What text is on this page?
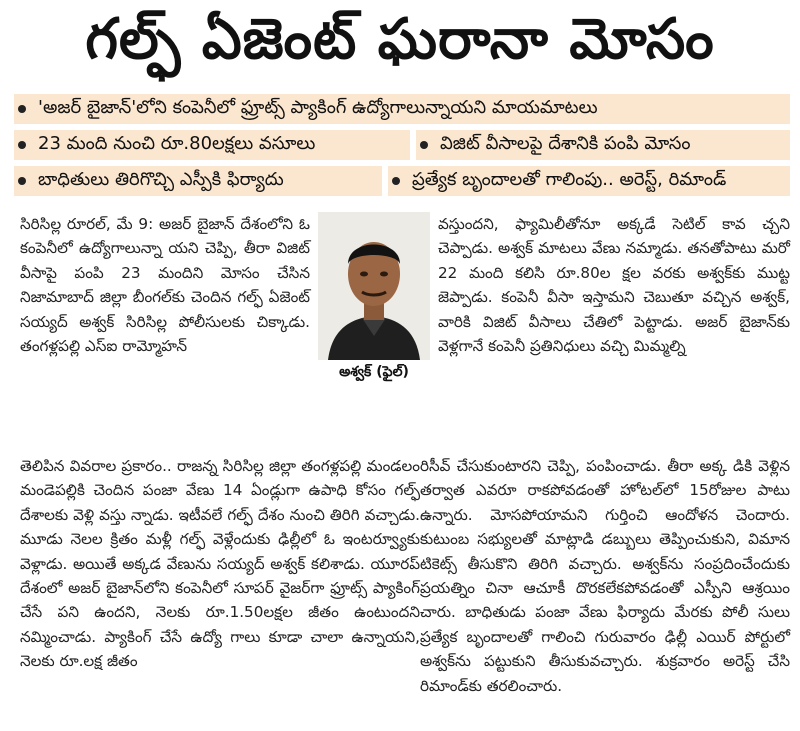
గల్ఫ్ ఏజెంట్ ఘరానా మోసం
'అజర్ బైజాన్'లోని కంపెనీలో ఫ్రూట్స్ ప్యాకింగ్ ఉద్యోగాలున్నాయని మాయమాటలు
23 మంది నుంచి రూ.80లక్షలు వసూలు	విజిట్ వీసాలపై దేశానికి పంపి మోసం
బాధితులు తిరిగొచ్చి ఎస్పీకి ఫిర్యాదు	ప్రత్యేక బృందాలతో గాలింపు.. అరెస్ట్, రిమాండ్

సిరిసిల్ల రూరల్, మే 9: అజర్ బైజాన్ దేశంలోని ఓ కంపెనీలో ఉద్యోగాలున్నా యని చెప్పి, తీరా విజిట్ వీసాపై పంపి 23 మందిని మోసం చేసిన నిజామాబాద్ జిల్లా బీంగల్‌కు చెందిన గల్ఫ్ ఏజెంట్ సయ్యద్ అశ్వక్ సిరిసిల్ల పోలీసులకు చిక్కాడు. తంగళ్లపల్లి ఎస్ఐ రామ్మోహన్

అశ్వక్ (ఫైల్)

వస్తుందని, ఫ్యామిలీతోనూ అక్కడే సెటిల్ కావ చ్చని చెప్పాడు. అశ్వక్ మాటలు వేణు నమ్మాడు. తనతోపాటు మరో 22 మంది కలిసి రూ.80ల క్షల వరకు అశ్వక్‌కు ముట్ట జెప్పాడు. కంపెనీ వీసా ఇస్తామని చెబుతూ వచ్చిన అశ్వక్, వారికి విజిట్ వీసాలు చేతిలో పెట్టాడు. అజర్ బైజాన్‌కు వెళ్లగానే కంపెనీ ప్రతినిధులు వచ్చి మిమ్మల్ని

తెలిపిన వివరాల ప్రకారం.. రాజన్న సిరిసిల్ల జిల్లా తంగళ్లపల్లి మండలం మండెపల్లికి చెందిన పంజా వేణు 14 ఏండ్లుగా ఉపాధి కోసం గల్ఫ్ దేశాలకు వెళ్లి వస్తు న్నాడు. ఇటీవలే గల్ఫ్ దేశం నుంచి తిరిగి వచ్చాడు. మూడు నెలల క్రితం మళ్లీ గల్ఫ్ వెళ్లేందుకు ఢిల్లీలో ఓ ఇంటర్వ్యూకు వెళ్లాడు. అయితే అక్కడ వేణును సయ్యద్ అశ్వక్ కలిశాడు. యూరప్ దేశంలో అజర్ బైజాన్‌లోని కంపెనీలో సూపర్ వైజర్‌గా ఫ్రూట్స్ ప్యాకింగ్ చేసే పని ఉందని, నెలకు రూ.1.50లక్షల జీతం ఉంటుందని నమ్మించాడు. ప్యాకింగ్ చేసే ఉద్యో గాలు కూడా చాలా ఉన్నాయని, నెలకు రూ.లక్ష జీతం

రిసీవ్ చేసుకుంటారని చెప్పి, పంపించాడు. తీరా అక్క డికి వెళ్లిన తర్వాత ఎవరూ రాకపోవడంతో హోటల్‌లో 15రోజుల పాటు ఉన్నారు. మోసపోయామని గుర్తించి ఆందోళన చెందారు. కుటుంబ సభ్యులతో మాట్లాడి డబ్బులు తెప్పించుకుని, విమాన టికెట్స్ తీసుకొని తిరిగి వచ్చారు. అశ్వక్‌ను సంప్రదించేందుకు ప్రయత్నిం చినా ఆచూకీ దొరకలేకపోవడంతో ఎస్పీని ఆశ్రయిం చారు. బాధితుడు పంజా వేణు ఫిర్యాదు మేరకు పోలీ సులు ప్రత్యేక బృందాలతో గాలించి గురువారం ఢిల్లీ ఎయిర్ పోర్టులో అశ్వక్‌ను పట్టుకుని తీసుకువచ్చారు. శుక్రవారం అరెస్ట్ చేసి రిమాండ్‌కు తరలించారు.
